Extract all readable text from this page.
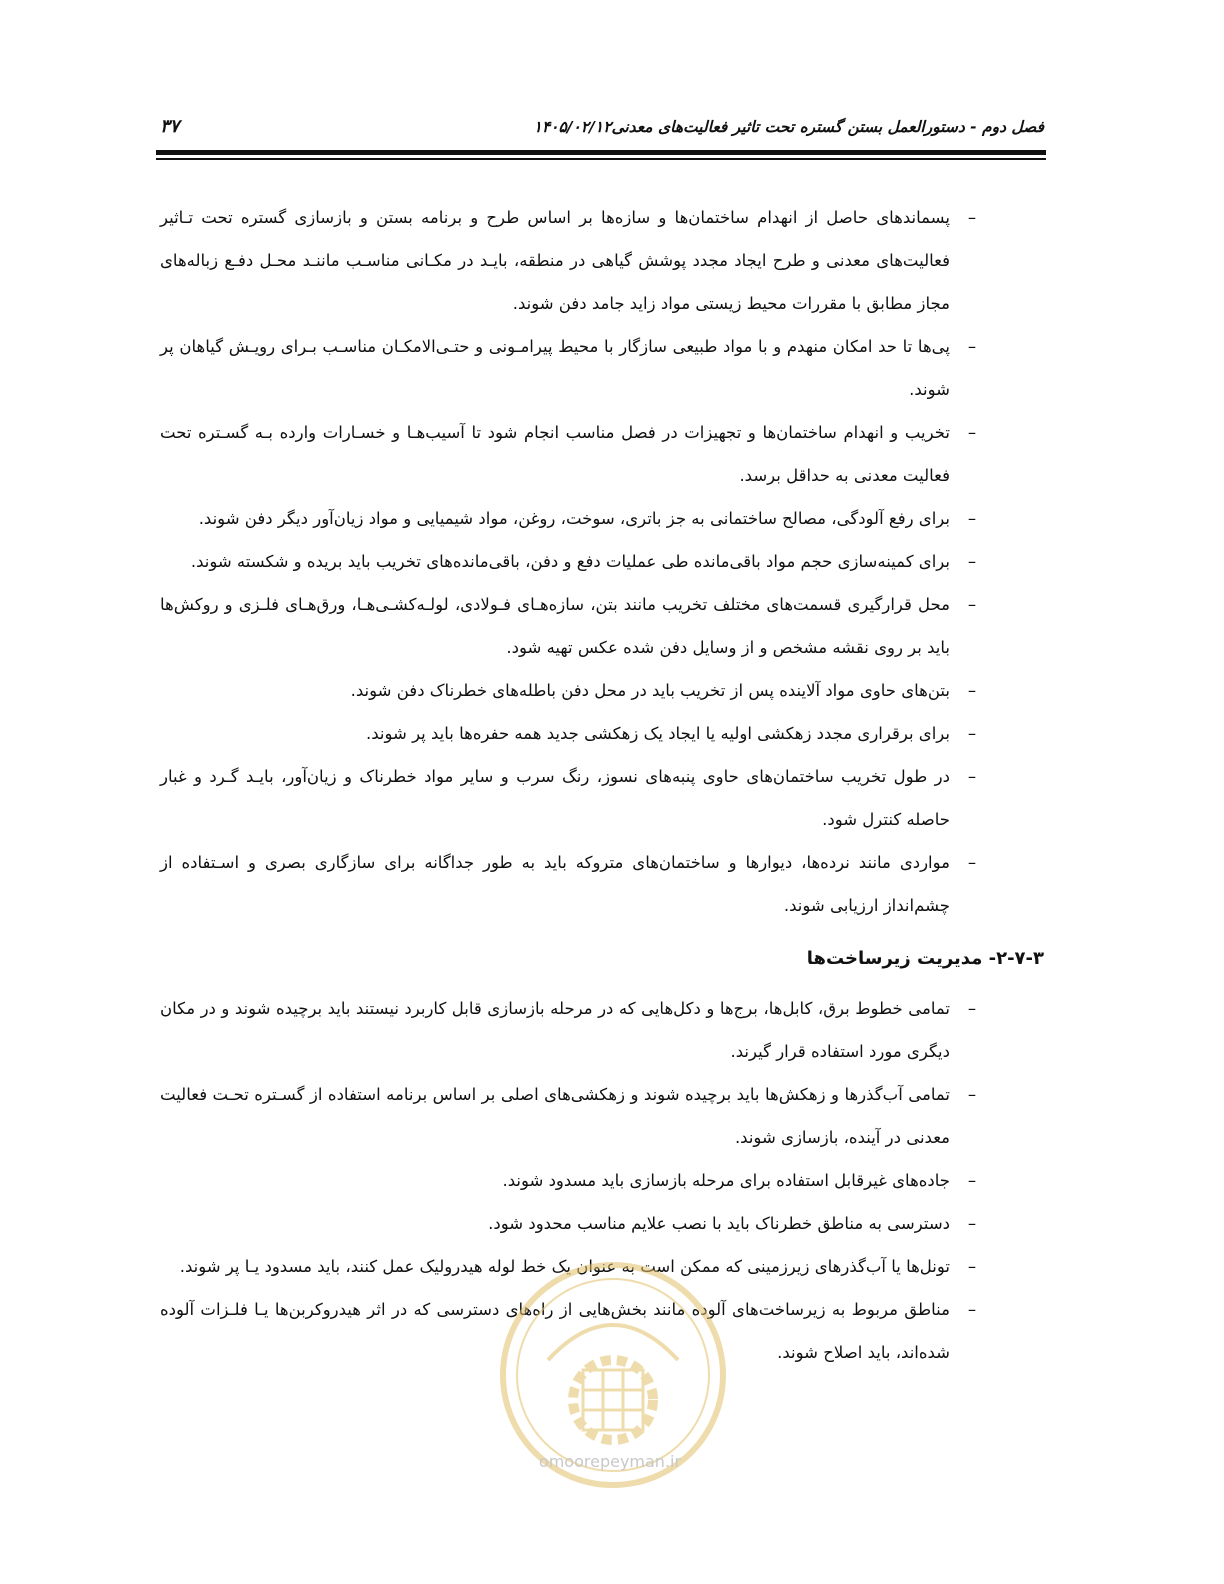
فصل دوم - دستورالعمل بستن گستره تحت تاثیر فعالیت‌های معدنی۱۴۰۵/۰۲/۱۲
۳۷
–
پسماندهای حاصل از انهدام ساختمان‌ها و سازه‌ها بر اساس طرح و برنامه بستن و بازسازی گستره تحت تـاثیر فعالیت‌های معدنی و طرح ایجاد مجدد پوشش گیاهی در منطقه، بایـد در مکـانی مناسـب ماننـد محـل دفـع زباله‌های مجاز مطابق با مقررات محیط زیستی مواد زاید جامد دفن شوند.
–
پی‌ها تا حد امکان منهدم و با مواد طبیعی سازگار با محیط پیرامـونی و حتـی‌الامکـان مناسـب بـرای رویـش گیاهان پر شوند.
–
تخریب و انهدام ساختمان‌ها و تجهیزات در فصل مناسب انجام شود تا آسیب‌هـا و خسـارات وارده بـه گسـتره تحت فعالیت معدنی به حداقل برسد.
–
برای رفع آلودگی، مصالح ساختمانی به جز باتری، سوخت، روغن، مواد شیمیایی و مواد زیان‌آور دیگر دفن شوند.
–
برای کمینه‌سازی حجم مواد باقی‌مانده طی عملیات دفع و دفن، باقی‌مانده‌های تخریب باید بریده و شکسته شوند.
–
محل قرارگیری قسمت‌های مختلف تخریب مانند بتن، سازه‌هـای فـولادی، لولـه‌کشـی‌هـا، ورق‌هـای فلـزی و روکش‌ها باید بر روی نقشه مشخص و از وسایل دفن شده عکس تهیه شود.
–
بتن‌های حاوی مواد آلاینده پس از تخریب باید در محل دفن باطله‌های خطرناک دفن شوند.
–
برای برقراری مجدد زهکشی اولیه یا ایجاد یک زهکشی جدید همه حفره‌ها باید پر شوند.
–
در طول تخریب ساختمان‌های حاوی پنبه‌های نسوز، رنگ سرب و سایر مواد خطرناک و زیان‌آور، بایـد گـرد و غبار حاصله کنترل شود.
–
مواردی مانند نرده‌ها، دیوارها و ساختمان‌های متروکه باید به طور جداگانه برای سازگاری بصری و اسـتفاده از چشم‌انداز ارزیابی شوند.
۲-۷-۳- مدیریت زیرساخت‌ها
–
تمامی خطوط برق، کابل‌ها، برج‌ها و دکل‌هایی که در مرحله بازسازی قابل کاربرد نیستند باید برچیده شوند و در مکان دیگری مورد استفاده قرار گیرند.
–
تمامی آب‌گذرها و زهکش‌ها باید برچیده شوند و زهکشی‌های اصلی بر اساس برنامه استفاده از گسـتره تحـت فعالیت معدنی در آینده، بازسازی شوند.
–
جاده‌های غیرقابل استفاده برای مرحله بازسازی باید مسدود شوند.
–
دسترسی به مناطق خطرناک باید با نصب علایم مناسب محدود شود.
–
تونل‌ها یا آب‌گذرهای زیرزمینی که ممکن است به عنوان یک خط لوله هیدرولیک عمل کنند، باید مسدود یـا پر شوند.
–
مناطق مربوط به زیرساخت‌های آلوده مانند بخش‌هایی از راه‌های دسترسی که در اثر هیدروکربن‌ها یـا فلـزات آلوده شده‌اند، باید اصلاح شوند.
omoorepeyman.ir
